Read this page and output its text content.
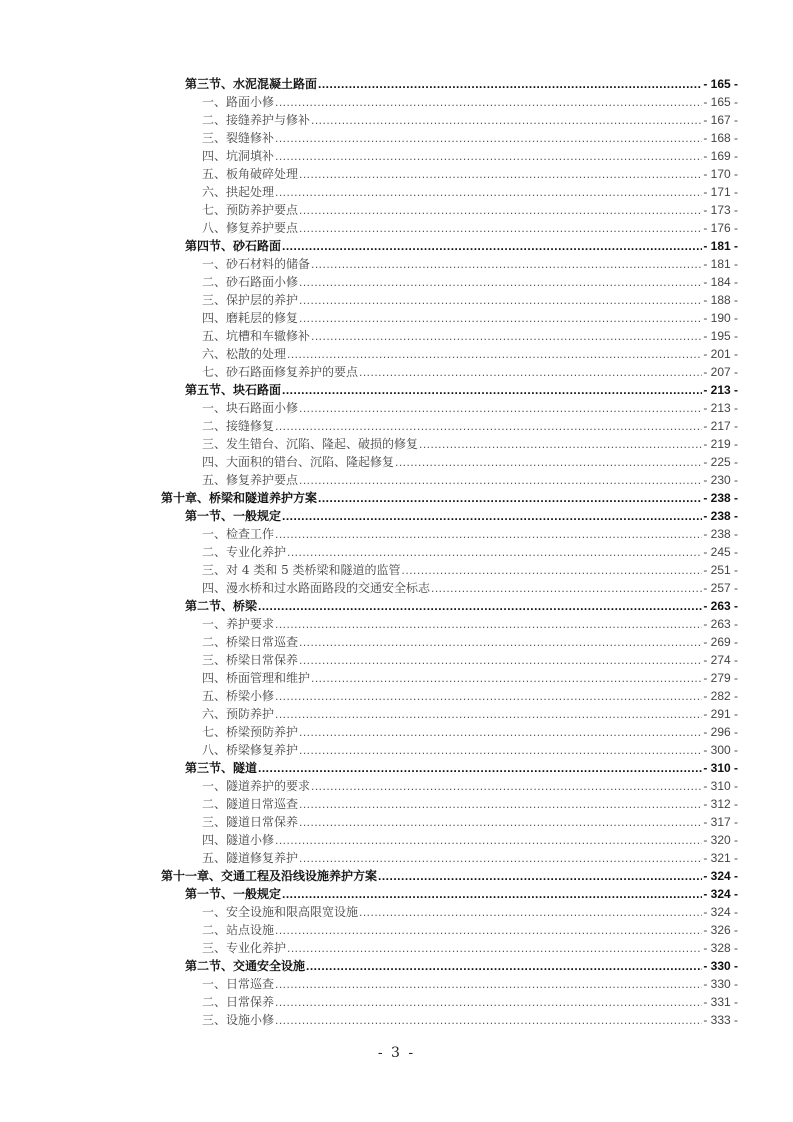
第三节、水泥混凝土路面 .....	- 165 -
一、路面小修 .....	- 165 -
二、接缝养护与修补 .....	- 167 -
三、裂缝修补 .....	- 168 -
四、坑洞填补 .....	- 169 -
五、板角破碎处理 .....	- 170 -
六、拱起处理 .....	- 171 -
七、预防养护要点 .....	- 173 -
八、修复养护要点 .....	- 176 -
第四节、砂石路面 .....	- 181 -
一、砂石材料的储备 .....	- 181 -
二、砂石路面小修 .....	- 184 -
三、保护层的养护 .....	- 188 -
四、磨耗层的修复 .....	- 190 -
五、坑槽和车辙修补 .....	- 195 -
六、松散的处理 .....	- 201 -
七、砂石路面修复养护的要点 .....	- 207 -
第五节、块石路面 .....	- 213 -
一、块石路面小修 .....	- 213 -
二、接缝修复 .....	- 217 -
三、发生错台、沉陷、隆起、破损的修复 .....	- 219 -
四、大面积的错台、沉陷、隆起修复 .....	- 225 -
五、修复养护要点 .....	- 230 -
第十章、桥梁和隧道养护方案 .....	- 238 -
第一节、一般规定 .....	- 238 -
一、检查工作 .....	- 238 -
二、专业化养护 .....	- 245 -
三、对 4 类和 5 类桥梁和隧道的监管 .....	- 251 -
四、漫水桥和过水路面路段的交通安全标志 .....	- 257 -
第二节、桥梁 .....	- 263 -
一、养护要求 .....	- 263 -
二、桥梁日常巡查 .....	- 269 -
三、桥梁日常保养 .....	- 274 -
四、桥面管理和维护 .....	- 279 -
五、桥梁小修 .....	- 282 -
六、预防养护 .....	- 291 -
七、桥梁预防养护 .....	- 296 -
八、桥梁修复养护 .....	- 300 -
第三节、隧道 .....	- 310 -
一、隧道养护的要求 .....	- 310 -
二、隧道日常巡查 .....	- 312 -
三、隧道日常保养 .....	- 317 -
四、隧道小修 .....	- 320 -
五、隧道修复养护 .....	- 321 -
第十一章、交通工程及沿线设施养护方案 .....	- 324 -
第一节、一般规定 .....	- 324 -
一、安全设施和限高限宽设施 .....	- 324 -
二、站点设施 .....	- 326 -
三、专业化养护 .....	- 328 -
第二节、交通安全设施 .....	- 330 -
一、日常巡查 .....	- 330 -
二、日常保养 .....	- 331 -
三、设施小修 .....	- 333 -
- 3 -
